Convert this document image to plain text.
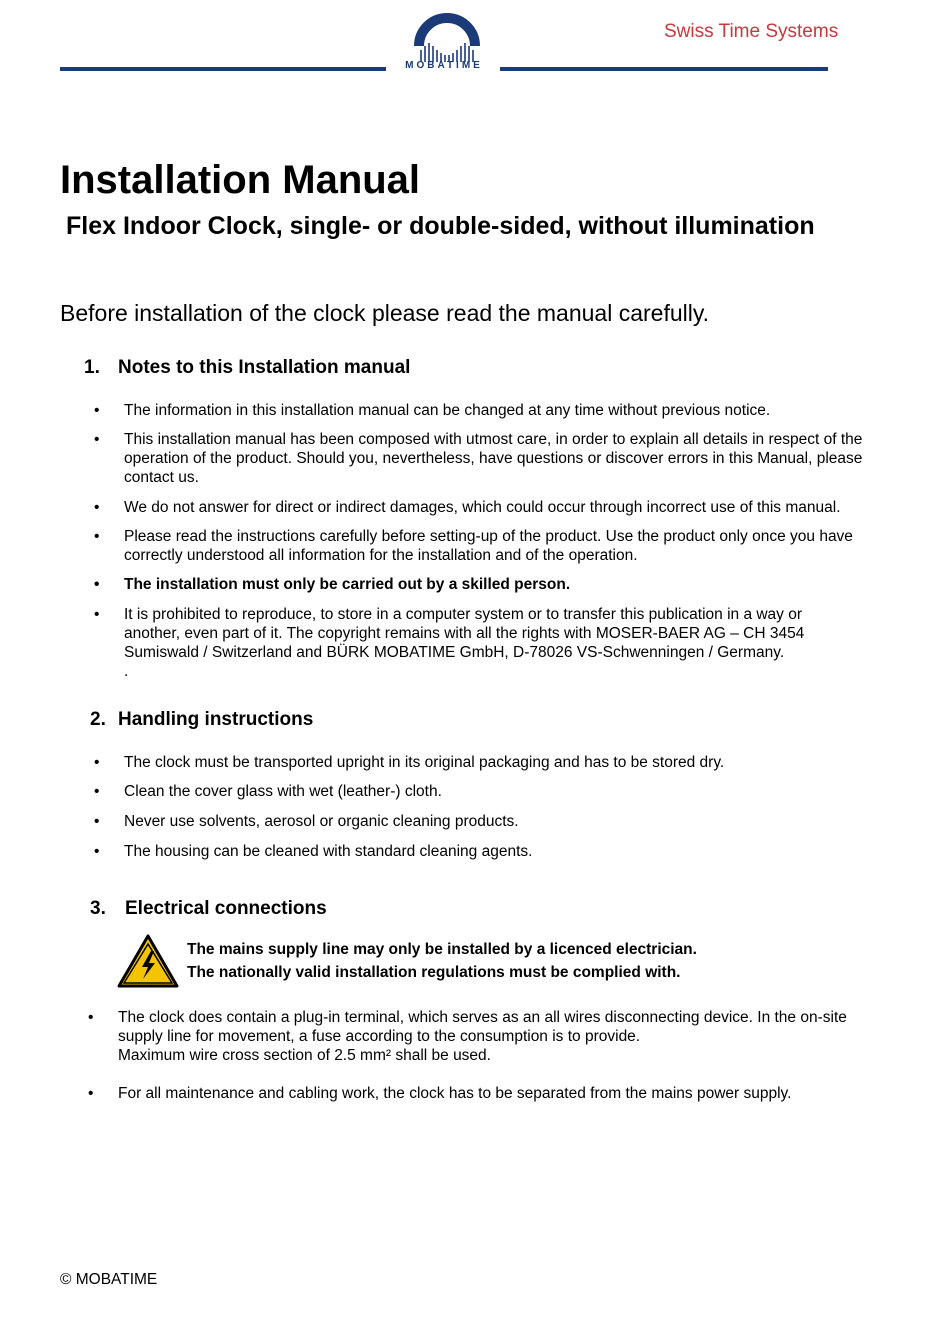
MOBATIME
Swiss Time Systems
Installation Manual
Flex Indoor Clock, single- or double-sided, without illumination

Before installation of the clock please read the manual carefully.

1. Notes to this Installation manual
• The information in this installation manual can be changed at any time without previous notice.
• This installation manual has been composed with utmost care, in order to explain all details in respect of the operation of the product. Should you, nevertheless, have questions or discover errors in this Manual, please contact us.
• We do not answer for direct or indirect damages, which could occur through incorrect use of this manual.
• Please read the instructions carefully before setting-up of the product. Use the product only once you have correctly understood all information for the installation and of the operation.
• The installation must only be carried out by a skilled person.
• It is prohibited to reproduce, to store in a computer system or to transfer this publication in a way or another, even part of it. The copyright remains with all the rights with MOSER-BAER AG – CH 3454 Sumiswald / Switzerland and BÜRK MOBATIME GmbH, D-78026 VS-Schwenningen / Germany.
.
2. Handling instructions
• The clock must be transported upright in its original packaging and has to be stored dry.
• Clean the cover glass with wet (leather-) cloth.
• Never use solvents, aerosol or organic cleaning products.
• The housing can be cleaned with standard cleaning agents.
3. Electrical connections
The mains supply line may only be installed by a licenced electrician.
The nationally valid installation regulations must be complied with.
• The clock does contain a plug-in terminal, which serves as an all wires disconnecting device. In the on-site supply line for movement, a fuse according to the consumption is to provide.
Maximum wire cross section of 2.5 mm² shall be used.
• For all maintenance and cabling work, the clock has to be separated from the mains power supply.
© MOBATIME
